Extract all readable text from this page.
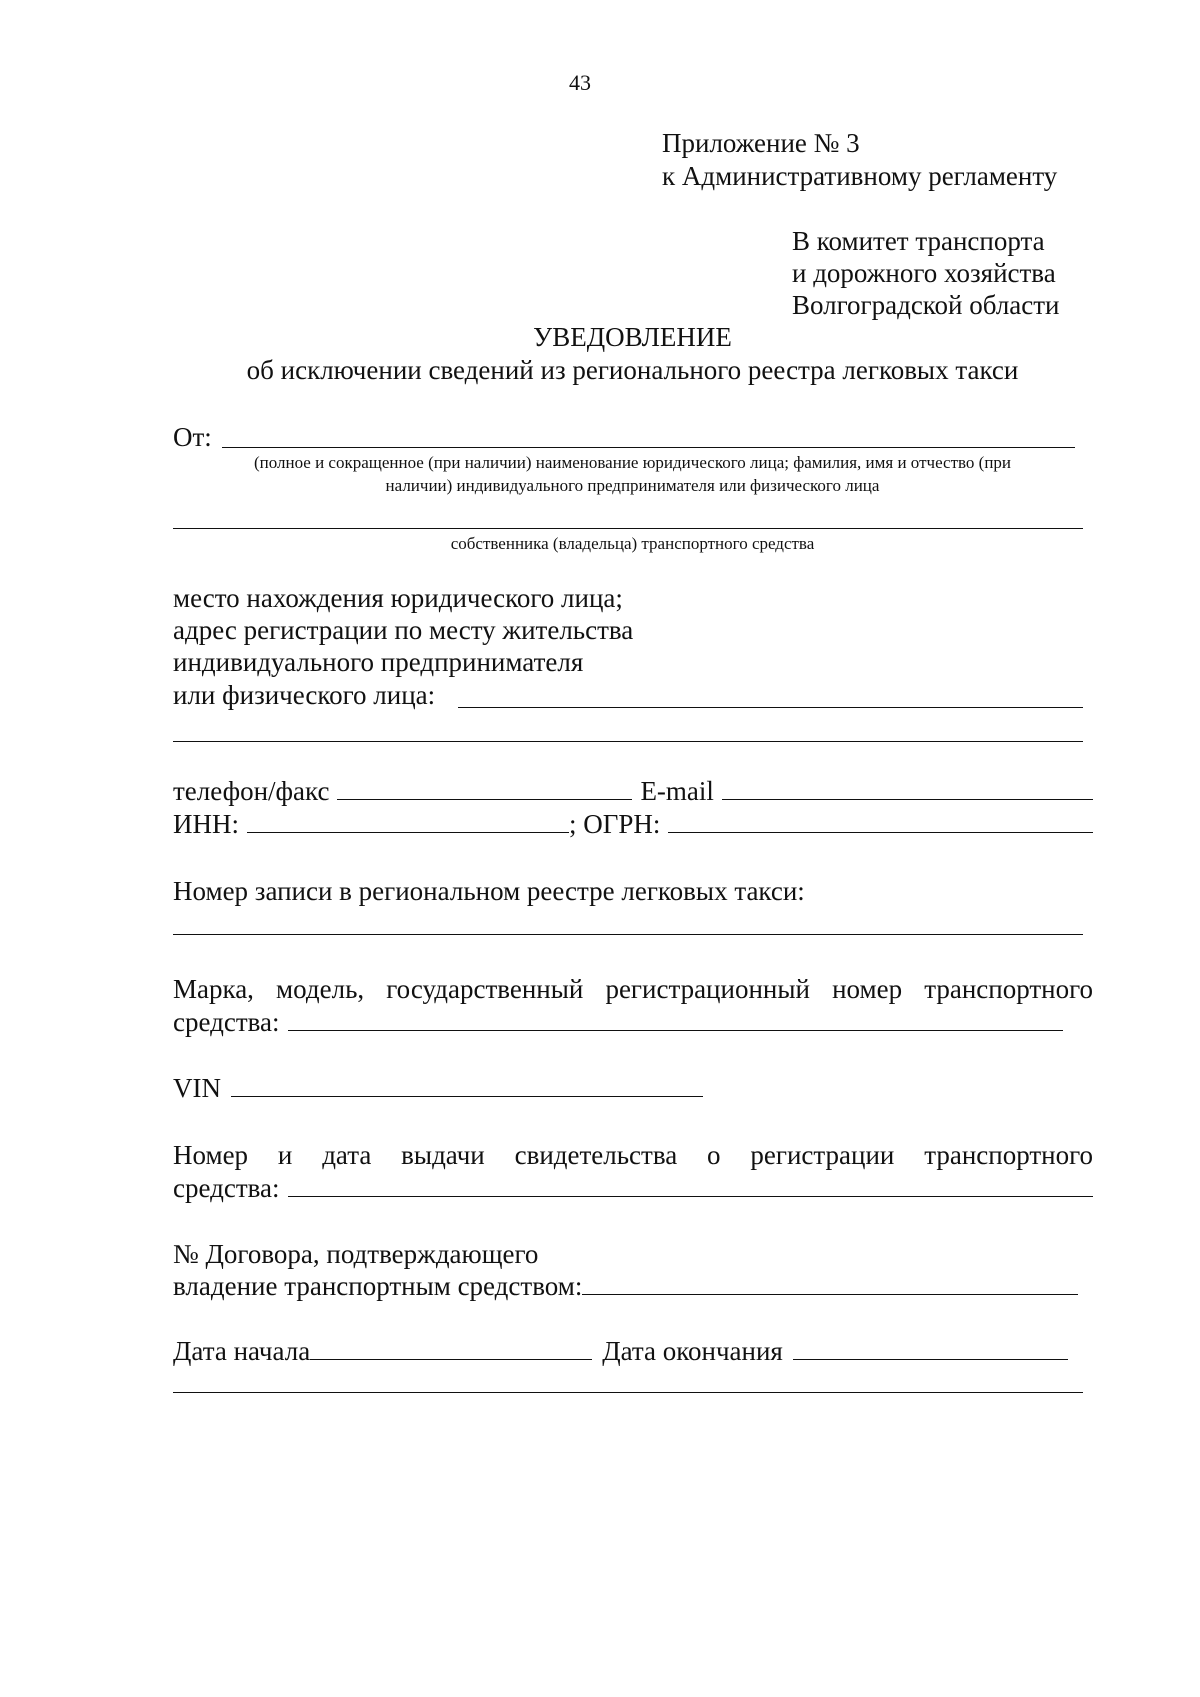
43
Приложение № 3
к Административному регламенту
В комитет транспорта
и дорожного хозяйства
Волгоградской области
УВЕДОВЛЕНИЕ
об исключении сведений из регионального реестра легковых такси
От:
(полное и сокращенное (при наличии) наименование юридического лица; фамилия, имя и отчество (при
наличии) индивидуального предпринимателя или физического лица
собственника (владельца) транспортного средства
место нахождения юридического лица;
адрес регистрации по месту жительства
индивидуального предпринимателя
или физического лица:
телефон/факс	E-mail
ИНН:	; ОГРН:
Номер записи в региональном реестре легковых такси:
Марка, модель, государственный регистрационный номер транспортного
средства:
VIN
Номер и дата выдачи свидетельства о регистрации транспортного
средства:
№ Договора, подтверждающего
владение транспортным средством:
Дата начала	Дата окончания
